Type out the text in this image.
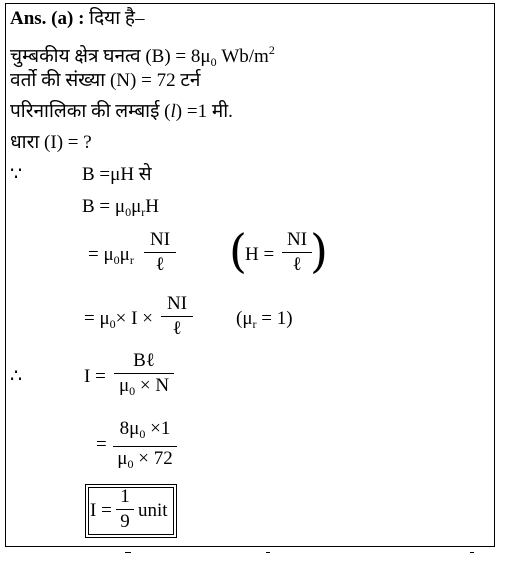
Ans. (a) : दिया है–
चुम्बकीय क्षेत्र घनत्व $(B) = 8\mu_0$ $Wb/m^2$
वर्तो की संख्या (N) = 72 टर्न
परिनालिका की लम्बाई (l) =1 मी.
धारा (I) = ?
∵	B =μH से
$B = \mu_0\mu_rH$
= $\mu_0\mu_r$
NI
ℓ (
H =
NI
ℓ )
= $\mu_0\times I$ ×
NI
ℓ	$(\mu_r = 1)$
∴	I =
Bℓ
$\mu_0 \times N$
=
$8\mu_0 \times 1$
$\mu_0 \times 72$
I =
1
9
unit
